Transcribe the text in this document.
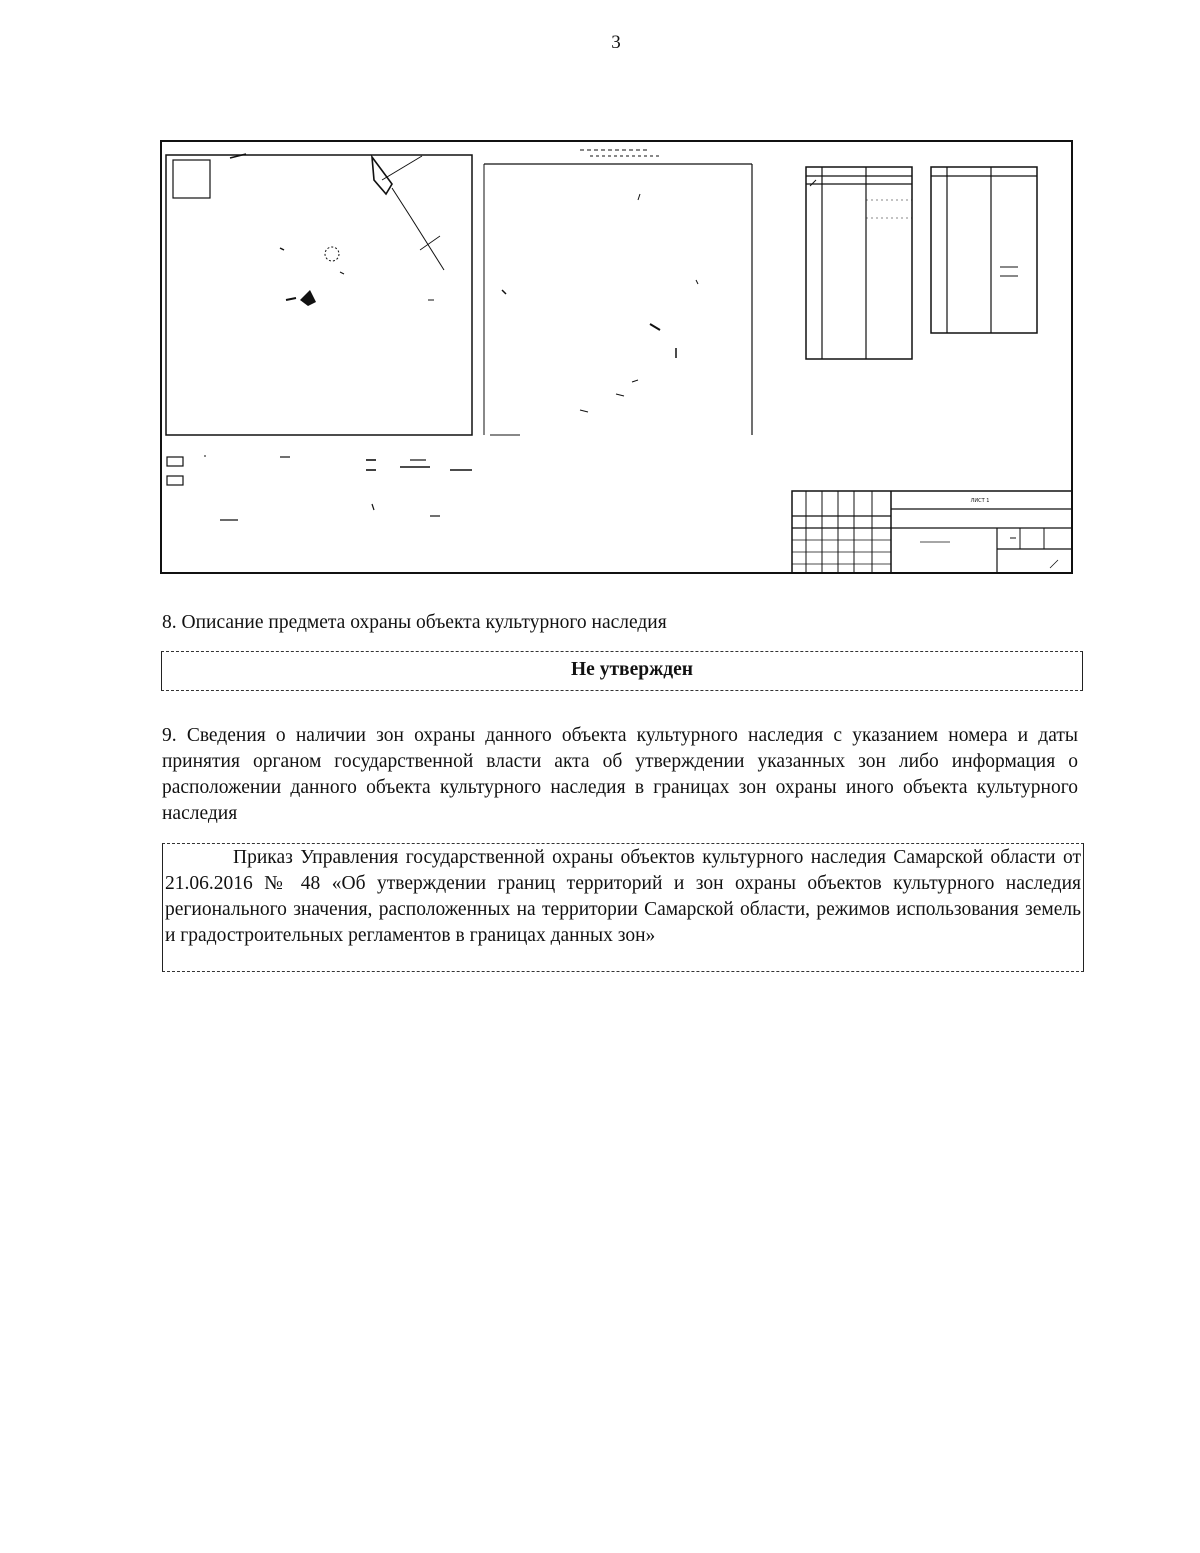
3
ЛИСТ 1
8. Описание предмета охраны объекта культурного наследия
Не утвержден
9. Сведения о наличии зон охраны данного объекта культурного наследия с указанием номера и даты принятия органом государственной власти акта об утверждении указанных зон либо информация о расположении данного объекта культурного наследия в границах зон охраны иного объекта культурного наследия
Приказ Управления государственной охраны объектов культурного наследия Самарской области от 21.06.2016 № 48 «Об утверждении границ территорий и зон охраны объектов культурного наследия регионального значения, расположенных на территории Самарской области, режимов использования земель и градостроительных регламентов в границах данных зон»
